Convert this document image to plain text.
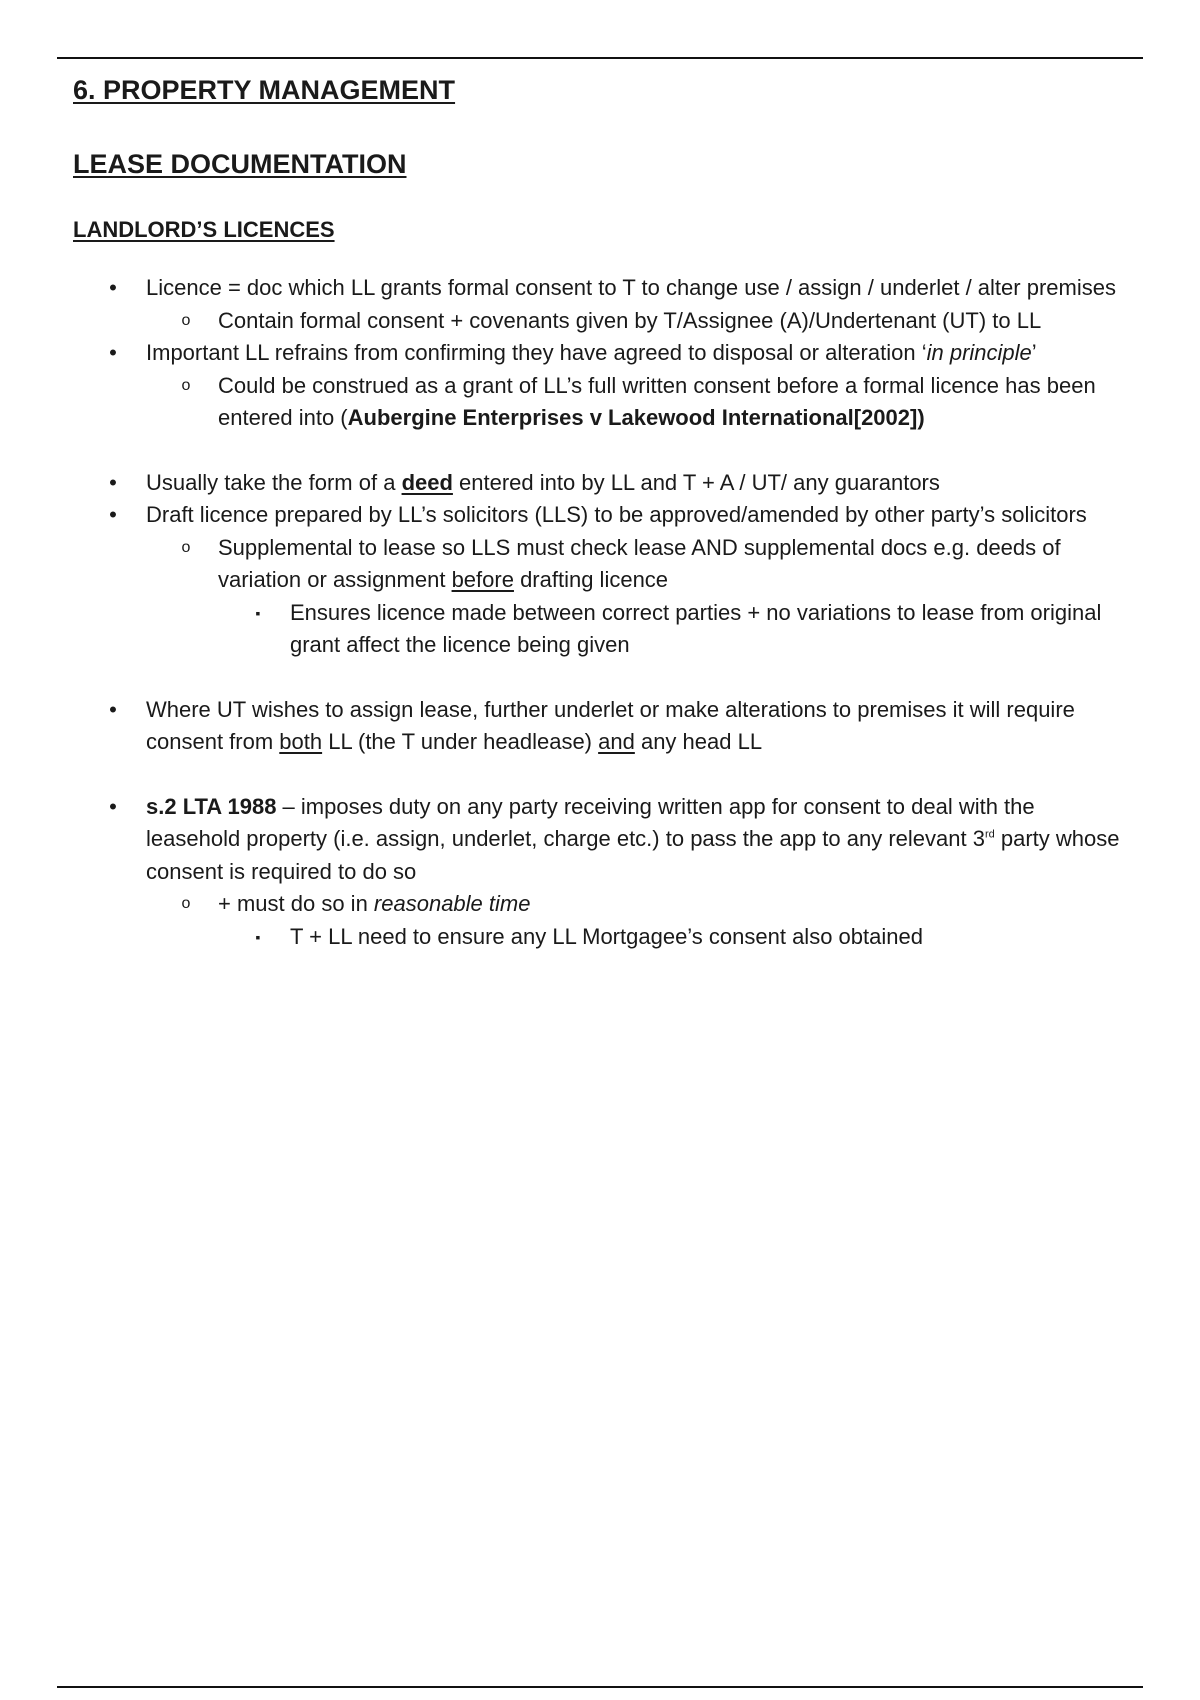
6. PROPERTY MANAGEMENT
LEASE DOCUMENTATION
LANDLORD’S LICENCES
• Licence = doc which LL grants formal consent to T to change use / assign / underlet / alter premises
o Contain formal consent + covenants given by T/Assignee (A)/Undertenant (UT) to LL
• Important LL refrains from confirming they have agreed to disposal or alteration ‘in principle’
o Could be construed as a grant of LL’s full written consent before a formal licence has been entered into (Aubergine Enterprises v Lakewood International[2002])
• Usually take the form of a deed entered into by LL and T + A / UT/ any guarantors
• Draft licence prepared by LL’s solicitors (LLS) to be approved/amended by other party’s solicitors
o Supplemental to lease so LLS must check lease AND supplemental docs e.g. deeds of variation or assignment before drafting licence
▪	Ensures licence made between correct parties + no variations to lease from original grant affect the licence being given
• Where UT wishes to assign lease, further underlet or make alterations to premises it will require consent from both LL (the T under headlease) and any head LL
• s.2 LTA 1988 – imposes duty on any party receiving written app for consent to deal with the leasehold property (i.e. assign, underlet, charge etc.) to pass the app to any relevant 3rd party whose consent is required to do so
o + must do so in reasonable time
▪	T + LL need to ensure any LL Mortgagee’s consent also obtained
